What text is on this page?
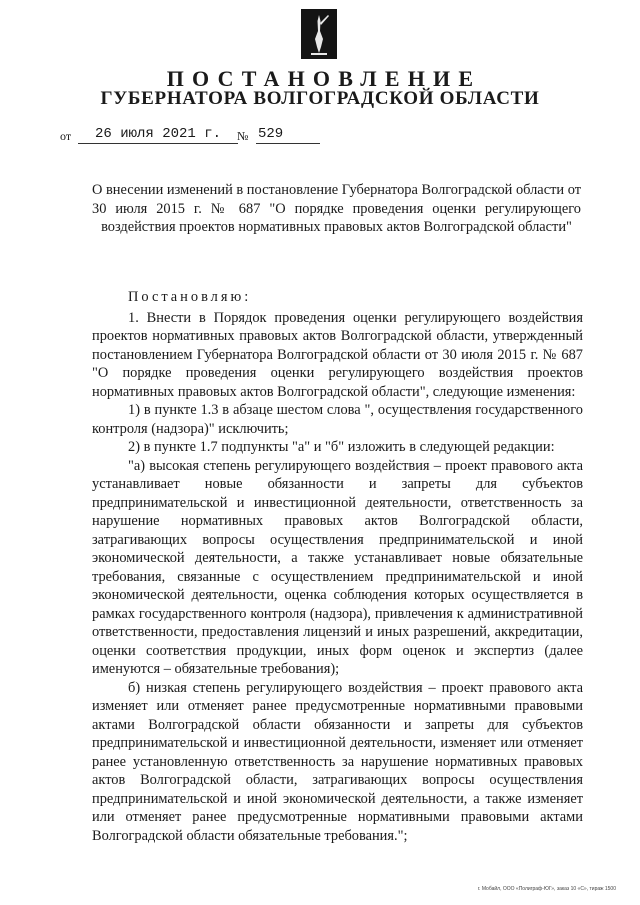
ПОСТАНОВЛЕНИЕ
ГУБЕРНАТОРА ВОЛГОГРАДСКОЙ ОБЛАСТИ
от	26 июля 2021 г.	№ 529

О внесении изменений в постановление Губернатора Волгоградской области от 30 июля 2015 г. № 687 "О порядке проведения оценки регулирующего воздействия проектов нормативных правовых актов Волгоградской области"

Постановляю:

1. Внести в Порядок проведения оценки регулирующего воздействия проектов нормативных правовых актов Волгоградской области, утвержденный постановлением Губернатора Волгоградской области от 30 июля 2015 г. № 687 "О порядке проведения оценки регулирующего воздействия проектов нормативных правовых актов Волгоградской области", следующие изменения:

1) в пункте 1.3 в абзаце шестом слова ", осуществления государственного контроля (надзора)" исключить;

2) в пункте 1.7 подпункты "а" и "б" изложить в следующей редакции:

"а) высокая степень регулирующего воздействия – проект правового акта устанавливает новые обязанности и запреты для субъектов предпринимательской и инвестиционной деятельности, ответственность за нарушение нормативных правовых актов Волгоградской области, затрагивающих вопросы осуществления предпринимательской и иной экономической деятельности, а также устанавливает новые обязательные требования, связанные с осуществлением предпринимательской и иной экономической деятельности, оценка соблюдения которых осуществляется в рамках государственного контроля (надзора), привлечения к административной ответственности, предоставления лицензий и иных разрешений, аккредитации, оценки соответствия продукции, иных форм оценок и экспертиз (далее именуются – обязательные требования);

б) низкая степень регулирующего воздействия – проект правового акта изменяет или отменяет ранее предусмотренные нормативными правовыми актами Волгоградской области обязанности и запреты для субъектов предпринимательской и инвестиционной деятельности, изменяет или отменяет ранее установленную ответственность за нарушение нормативных правовых актов Волгоградской области, затрагивающих вопросы осуществления предпринимательской и иной экономической деятельности, а также изменяет или отменяет ранее предусмотренные нормативными правовыми актами Волгоградской области обязательные требования.";

г. Мобайл, ООО «Полиграф-ЮГ», заказ 10 «С», тираж 1500
